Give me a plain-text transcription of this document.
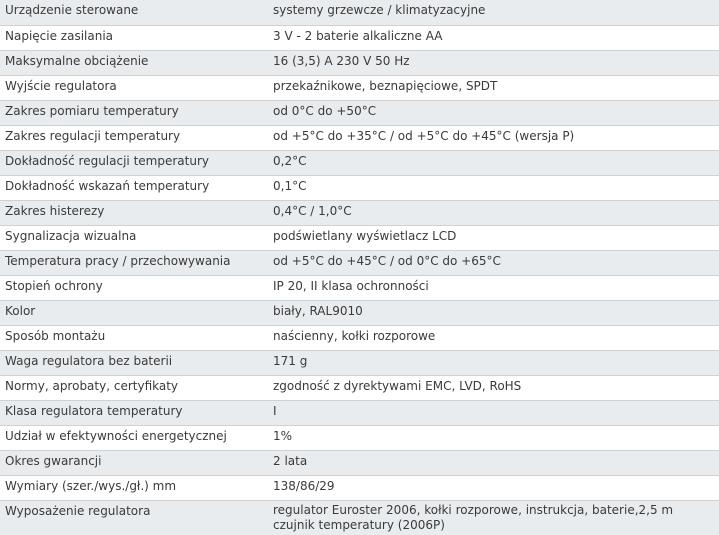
Urządzenie sterowane	systemy grzewcze / klimatyzacyjne
Napięcie zasilania	3 V - 2 baterie alkaliczne AA
Maksymalne obciążenie	16 (3,5) A 230 V 50 Hz
Wyjście regulatora	przekaźnikowe, beznapięciowe, SPDT
Zakres pomiaru temperatury	od 0°C do +50°C
Zakres regulacji temperatury	od +5°C do +35°C / od +5°C do +45°C (wersja P)
Dokładność regulacji temperatury	0,2°C
Dokładność wskazań temperatury	0,1°C
Zakres histerezy	0,4°C / 1,0°C
Sygnalizacja wizualna	podświetlany wyświetlacz LCD
Temperatura pracy / przechowywania	od +5°C do +45°C / od 0°C do +65°C
Stopień ochrony	IP 20, II klasa ochronności
Kolor	biały, RAL9010
Sposób montażu	naścienny, kołki rozporowe
Waga regulatora bez baterii	171 g
Normy, aprobaty, certyfikaty	zgodność z dyrektywami EMC, LVD, RoHS
Klasa regulatora temperatury	I
Udział w efektywności energetycznej	1%
Okres gwarancji	2 lata
Wymiary (szer./wys./gł.) mm	138/86/29
Wyposażenie regulatora	regulator Euroster 2006, kołki rozporowe, instrukcja, baterie,2,5 m czujnik temperatury (2006P)
